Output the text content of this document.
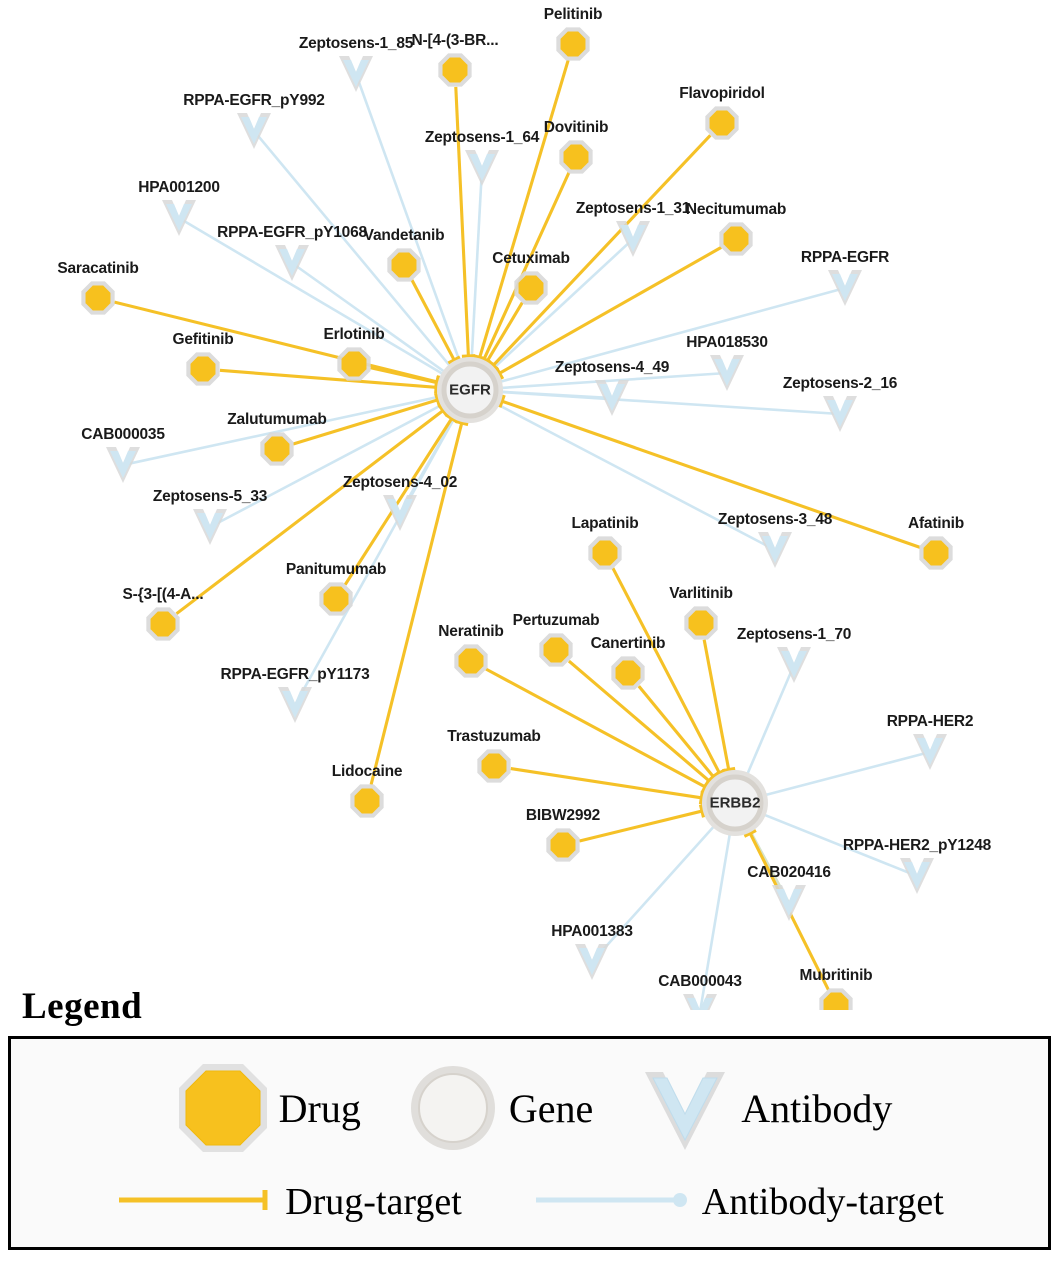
Pelitinib
N-[4-(3-BR...
Flavopiridol
Dovitinib
Necitumumab
Vandetanib
Cetuximab
Saracatinib
Gefitinib	Erlotinib
Zalutumumab
Afatinib
Lapatinib
Varlitinib
Panitumumab
S-{3-[(4-A...
Pertuzumab
Neratinib
Canertinib
Trastuzumab
Lidocaine
BIBW2992
Mubritinib
Zeptosens-1_85
RPPA-EGFR_pY992
Zeptosens-1_64
HPA001200
Zeptosens-1_31
RPPA-EGFR_pY1068
RPPA-EGFR
HPA018530
Zeptosens-4_49
Zeptosens-2_16
CAB000035
Zeptosens-5_33
Zeptosens-4_02
Zeptosens-3_48
Zeptosens-1_70
RPPA-EGFR_pY1173
RPPA-HER2
RPPA-HER2_pY1248
CAB020416
HPA001383
CAB000043
EGFR
ERBB2
Legend
Drug	Gene	Antibody
Drug-target	Antibody-target
